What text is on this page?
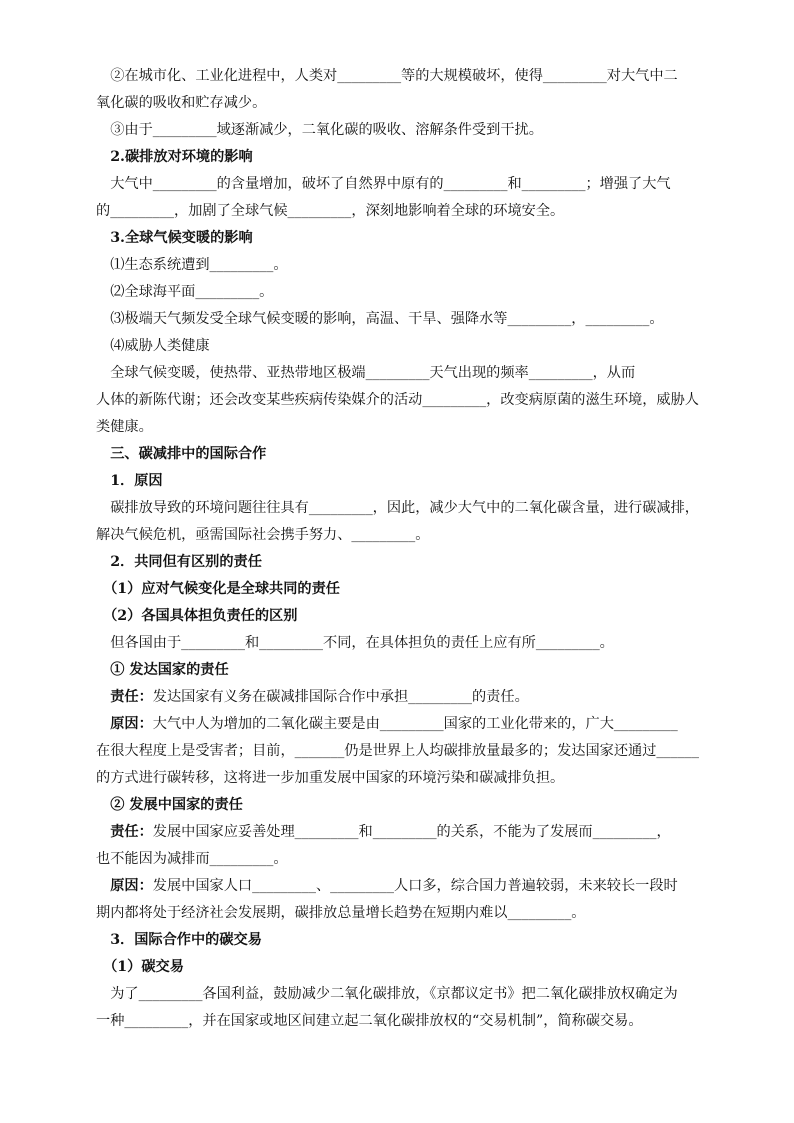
　②在城市化、工业化进程中，人类对_________等的大规模破坏，使得_________对大气中二
氧化碳的吸收和贮存减少。
　③由于_________域逐渐减少，二氧化碳的吸收、溶解条件受到干扰。
　2.碳排放对环境的影响
　大气中_________的含量增加，破坏了自然界中原有的_________和_________；增强了大气
的_________，加剧了全球气候_________，深刻地影响着全球的环境安全。
　3.全球气候变暖的影响
　⑴生态系统遭到_________。
　⑵全球海平面_________。
　⑶极端天气频发受全球气候变暖的影响，高温、干旱、强降水等_________，_________。
　⑷威胁人类健康
　全球气候变暖，使热带、亚热带地区极端_________天气出现的频率_________，从而
人体的新陈代谢；还会改变某些疾病传染媒介的活动_________，改变病原菌的滋生环境，威胁人
类健康。
　三、碳减排中的国际合作
　1．原因
　碳排放导致的环境问题往往具有_________，因此，减少大气中的二氧化碳含量，进行碳减排，
解决气候危机，亟需国际社会携手努力、_________。
　2．共同但有区别的责任
　（1）应对气候变化是全球共同的责任
　（2）各国具体担负责任的区别
　但各国由于_________和_________不同，在具体担负的责任上应有所_________。
　① 发达国家的责任
　责任：发达国家有义务在碳减排国际合作中承担_________的责任。
　原因：大气中人为增加的二氧化碳主要是由_________国家的工业化带来的，广大_________
在很大程度上是受害者；目前，_______仍是世界上人均碳排放量最多的；发达国家还通过______
的方式进行碳转移，这将进一步加重发展中国家的环境污染和碳减排负担。
　② 发展中国家的责任
　责任：发展中国家应妥善处理_________和_________的关系，不能为了发展而_________，
也不能因为减排而_________。
　原因：发展中国家人口_________、_________人口多，综合国力普遍较弱，未来较长一段时
期内都将处于经济社会发展期，碳排放总量增长趋势在短期内难以_________。
　3．国际合作中的碳交易
　（1）碳交易
　为了_________各国利益，鼓励减少二氧化碳排放，《京都议定书》把二氧化碳排放权确定为
一种_________，并在国家或地区间建立起二氧化碳排放权的“交易机制”，简称碳交易。
